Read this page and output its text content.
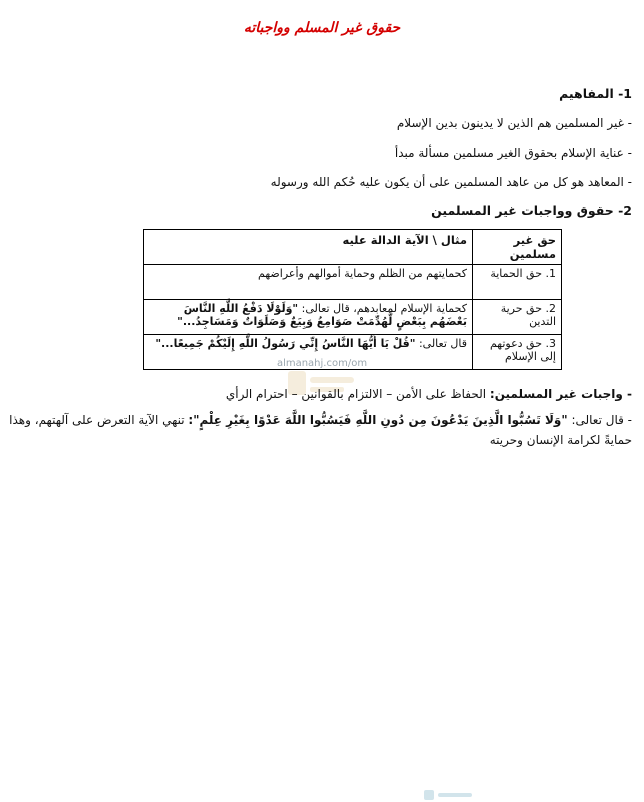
حقوق غير المسلم وواجباته
1- المفاهيم
- غير المسلمين هم الذين لا يدينون بدين الإسلام
- عناية الإسلام بحقوق الغير مسلمين مسألة مبدأ
- المعاهد هو كل من عاهد المسلمين على أن يكون عليه حُكم الله ورسوله
2- حقوق وواجبات غير المسلمين
حق غير مسلمين	مثال \ الآية الدالة عليه
1. حق الحماية	كحمايتهم من الظلم وحماية أموالهم وأعراضهم
2. حق حرية التدين	كحماية الإسلام لمعابدهم، قال تعالى: "وَلَوْلَا دَفْعُ اللَّهِ النَّاسَ بَعْضَهُم بِبَعْضٍ لَّهُدِّمَتْ صَوَامِعُ وَبِيَعٌ وَصَلَوَاتٌ وَمَسَاجِدُ..."
3. حق دعوتهم إلى الإسلام	قال تعالى: "قُلْ يَا أَيُّهَا النَّاسُ إِنِّي رَسُولُ اللَّهِ إِلَيْكُمْ جَمِيعًا..."
almanahj.com/om
- واجبات غير المسلمين: الحفاظ على الأمن – الالتزام بالقوانين – احترام الرأي
- قال تعالى: "وَلَا تَسُبُّوا الَّذِينَ يَدْعُونَ مِن دُونِ اللَّهِ فَيَسُبُّوا اللَّهَ عَدْوًا بِغَيْرِ عِلْمٍ": تنهي الآية التعرض على آلهتهم، وهذا حمايةً لكرامة الإنسان وحريته
